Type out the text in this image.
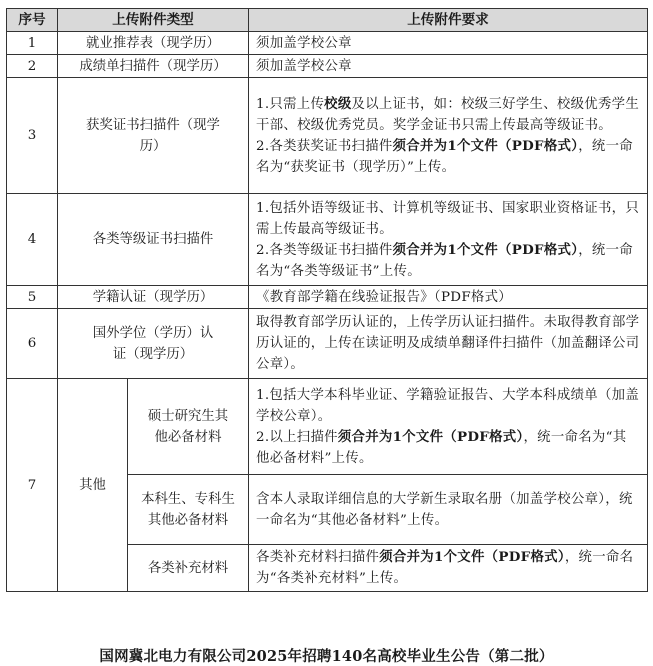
序号	上传附件类型		上传附件要求
1	就业推荐表（现学历）		须加盖学校公章
2	成绩单扫描件（现学历）		须加盖学校公章
3	获奖证书扫描件（现学历）		1.只需上传校级及以上证书，如：校级三好学生、校级优秀学生干部、校级优秀党员。奖学金证书只需上传最高等级证书。
2.各类获奖证书扫描件须合并为1个文件（PDF格式），统一命名为“获奖证书（现学历）”上传。

4	各类等级证书扫描件		1.包括外语等级证书、计算机等级证书、国家职业资格证书，只需上传最高等级证书。
2.各类等级证书扫描件须合并为1个文件（PDF格式），统一命名为“各类等级证书”上传。

5	学籍认证（现学历）		《教育部学籍在线验证报告》（PDF格式）
6	国外学位（学历）认证（现学历）		取得教育部学历认证的，上传学历认证扫描件。未取得教育部学历认证的，上传在读证明及成绩单翻译件扫描件（加盖翻译公司公章）。
7	其他	硕士研究生其他必备材料	1.包括大学本科毕业证、学籍验证报告、大学本科成绩单（加盖学校公章）。
2.以上扫描件须合并为1个文件（PDF格式），统一命名为“其他必备材料”上传。

		本科生、专科生其他必备材料	含本人录取详细信息的大学新生录取名册（加盖学校公章），统一命名为“其他必备材料”上传。
		各类补充材料	各类补充材料扫描件须合并为1个文件（PDF格式），统一命名为“各类补充材料”上传。
国网冀北电力有限公司2025年招聘140名高校毕业生公告（第二批）
